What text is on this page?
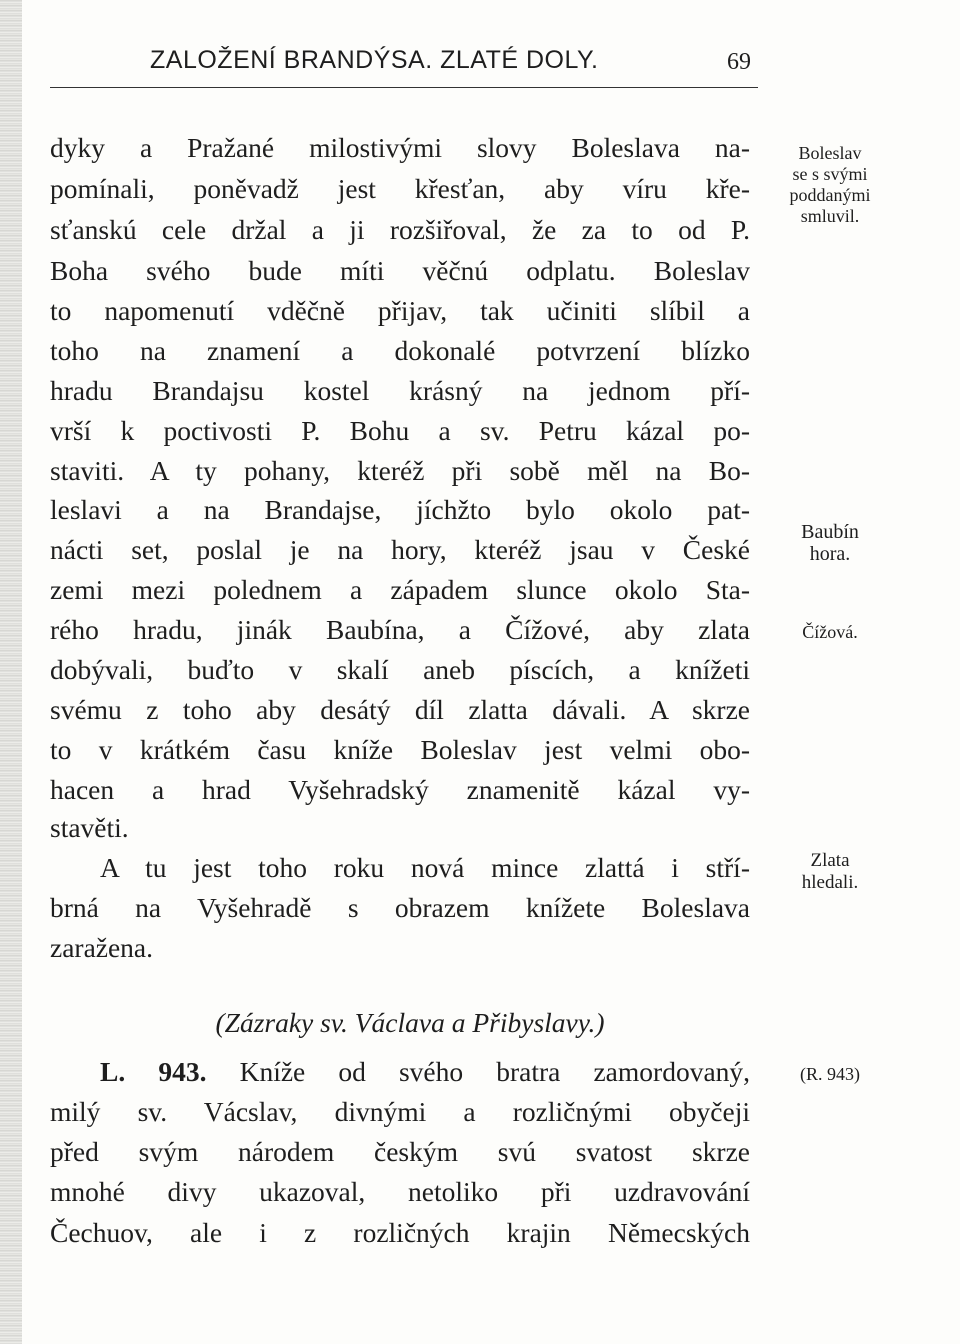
ZALOŽENÍ BRANDÝSA. ZLATÉ DOLY.	69
dyky a Pražané milostivými slovy Boleslava na-
pomínali, poněvadž jest křesťan, aby víru kře-
sťanskú cele držal a ji rozšiřoval, že za to od P.
Boha svého bude míti věčnú odplatu. Boleslav
to napomenutí vděčně přijav, tak učiniti slíbil a
toho na znamení a dokonalé potvrzení blízko
hradu Brandajsu kostel krásný na jednom pří-
vrší k poctivosti P. Bohu a sv. Petru kázal po-
staviti. A ty pohany, kteréž při sobě měl na Bo-
leslavi a na Brandajse, jíchžto bylo okolo pat-
nácti set, poslal je na hory, kteréž jsau v České
zemi mezi polednem a západem slunce okolo Sta-
rého hradu, jinák Baubína, a Čížové, aby zlata
dobývali, buďto v skalí aneb píscích, a knížeti
svému z toho aby desátý díl zlatta dávali. A skrze
to v krátkém času kníže Boleslav jest velmi obo-
hacen a hrad Vyšehradský znamenitě kázal vy-
stavěti.
A tu jest toho roku nová mince zlattá i stří-
brná na Vyšehradě s obrazem knížete Boleslava
zaražena.
(Zázraky sv. Václava a Přibyslavy.)
L. 943. Kníže od svého bratra zamordovaný,
milý sv. Vácslav, divnými a rozličnými obyčeji
před svým národem českým svú svatost skrze
mnohé divy ukazoval, netoliko při uzdravování
Čechuov, ale i z rozličných krajin Němecských
Boleslav
se s svými
poddanými
smluvil.
Baubín
hora.
Čížová.
Zlata
hledali.
(R. 943)
